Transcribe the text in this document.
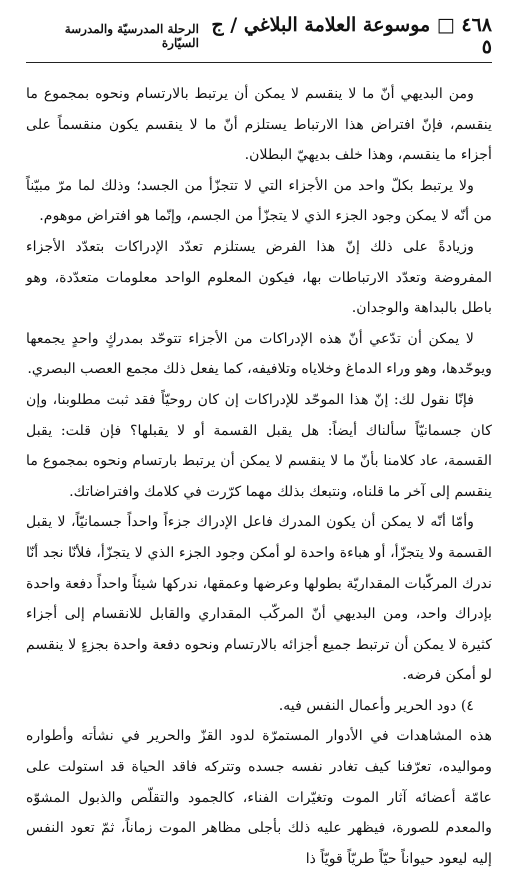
٤٦٨ □ موسوعة العلامة البلاغي / ج ٥
الرحلة المدرسيّة والمدرسة السيّارة

ومن البديهي أنّ ما لا ينقسم لا يمكن أن يرتبط بالارتسام ونحوه بمجموع ما ينقسم، فإنّ افتراض هذا الارتباط يستلزم أنّ ما لا ينقسم يكون منقسماً على أجزاء ما ينقسم، وهذا خلف بديهيّ البطلان.

ولا يرتبط بكلّ واحد من الأجزاء التي لا تتجزّأ من الجسد؛ وذلك لما مرّ مبيّناً من أنّه لا يمكن وجود الجزء الذي لا يتجزّأ من الجسم، وإنّما هو افتراض موهوم.

وزيادةً على ذلك إنّ هذا الفرض يستلزم تعدّد الإدراكات بتعدّد الأجزاء المفروضة وتعدّد الارتباطات بها، فيكون المعلوم الواحد معلومات متعدّدة، وهو باطل بالبداهة والوجدان.

لا يمكن أن تدّعي أنّ هذه الإدراكات من الأجزاء تتوحّد بمدركٍ واحدٍ يجمعها ويوحّدها، وهو وراء الدماغ وخلاياه وتلافيفه، كما يفعل ذلك مجمع العصب البصري.

فإنّا نقول لك: إنّ هذا الموحّد للإدراكات إن كان روحيّاً فقد ثبت مطلوبنا، وإن كان جسمانيّاً سألناك أيضاً: هل يقبل القسمة أو لا يقبلها؟ فإن قلت: يقبل القسمة، عاد كلامنا بأنّ ما لا ينقسم لا يمكن أن يرتبط بارتسام ونحوه بمجموع ما ينقسم إلى آخر ما قلناه، ونتبعك بذلك مهما كرّرت في كلامك وافتراضاتك.

وأمّا أنّه لا يمكن أن يكون المدرك فاعل الإدراك جزءاً واحداً جسمانيّاً، لا يقبل القسمة ولا يتجزّأ، أو هباءة واحدة لو أمكن وجود الجزء الذي لا يتجزّأ، فلأنّا نجد أنّا ندرك المركّبات المقداريّة بطولها وعرضها وعمقها، ندركها شيئاً واحداً دفعة واحدة بإدراك واحد، ومن البديهي أنّ المركّب المقداري والقابل للانقسام إلى أجزاء كثيرة لا يمكن أن ترتبط جميع أجزائه بالارتسام ونحوه دفعة واحدة بجزءٍ لا ينقسم لو أمكن فرضه.

٤) دود الحرير وأعمال النفس فيه.

هذه المشاهدات في الأدوار المستمرّة لدود القزّ والحرير في نشأته وأطواره ومواليده، تعرّفنا كيف تغادر نفسه جسده وتتركه فاقد الحياة قد استولت على عامّة أعضائه آثار الموت وتغيّرات الفناء، كالجمود والتقلّص والذبول المشوّه والمعدم للصورة، فيظهر عليه ذلك بأجلى مظاهر الموت زماناً، ثمّ تعود النفس إليه ليعود حيواناً حيّاً طريّاً قويّاً ذا
